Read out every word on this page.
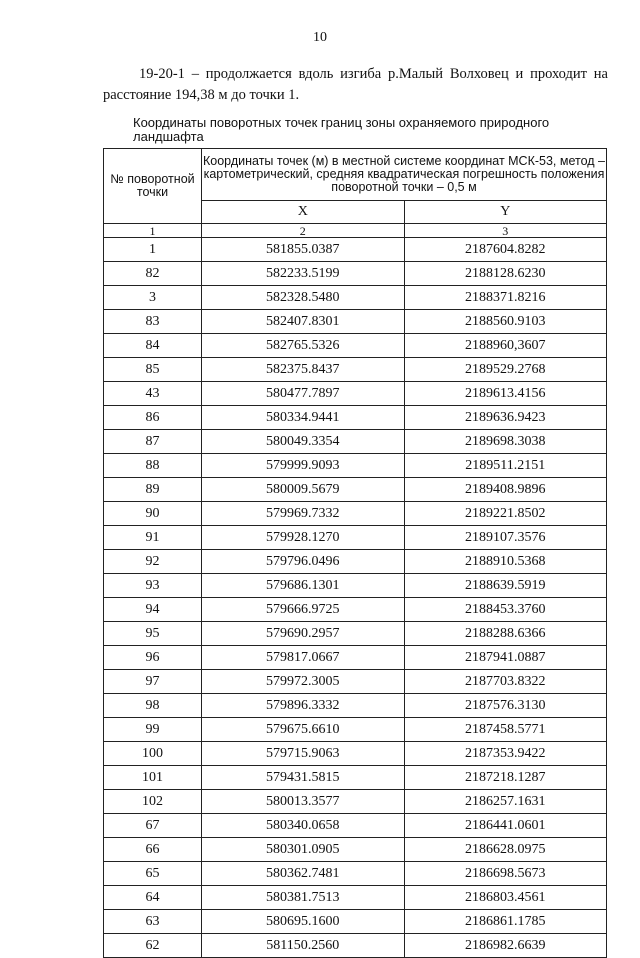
10

19-20-1 – продолжается вдоль изгиба р.Малый Волховец и проходит на расстояние 194,38 м до точки 1.

Координаты поворотных точек границ зоны охраняемого природного ландшафта
№ поворотной точки	Координаты точек (м) в местной системе координат МСК-53, метод – картометрический, средняя квадратическая погрешность положения поворотной точки – 0,5 м	
	X	Y
1	2	3
1	581855.0387	2187604.8282
82	582233.5199	2188128.6230
3	582328.5480	2188371.8216
83	582407.8301	2188560.9103
84	582765.5326	2188960,3607
85	582375.8437	2189529.2768
43	580477.7897	2189613.4156
86	580334.9441	2189636.9423
87	580049.3354	2189698.3038
88	579999.9093	2189511.2151
89	580009.5679	2189408.9896
90	579969.7332	2189221.8502
91	579928.1270	2189107.3576
92	579796.0496	2188910.5368
93	579686.1301	2188639.5919
94	579666.9725	2188453.3760
95	579690.2957	2188288.6366
96	579817.0667	2187941.0887
97	579972.3005	2187703.8322
98	579896.3332	2187576.3130
99	579675.6610	2187458.5771
100	579715.9063	2187353.9422
101	579431.5815	2187218.1287
102	580013.3577	2186257.1631
67	580340.0658	2186441.0601
66	580301.0905	2186628.0975
65	580362.7481	2186698.5673
64	580381.7513	2186803.4561
63	580695.1600	2186861.1785
62	581150.2560	2186982.6639
